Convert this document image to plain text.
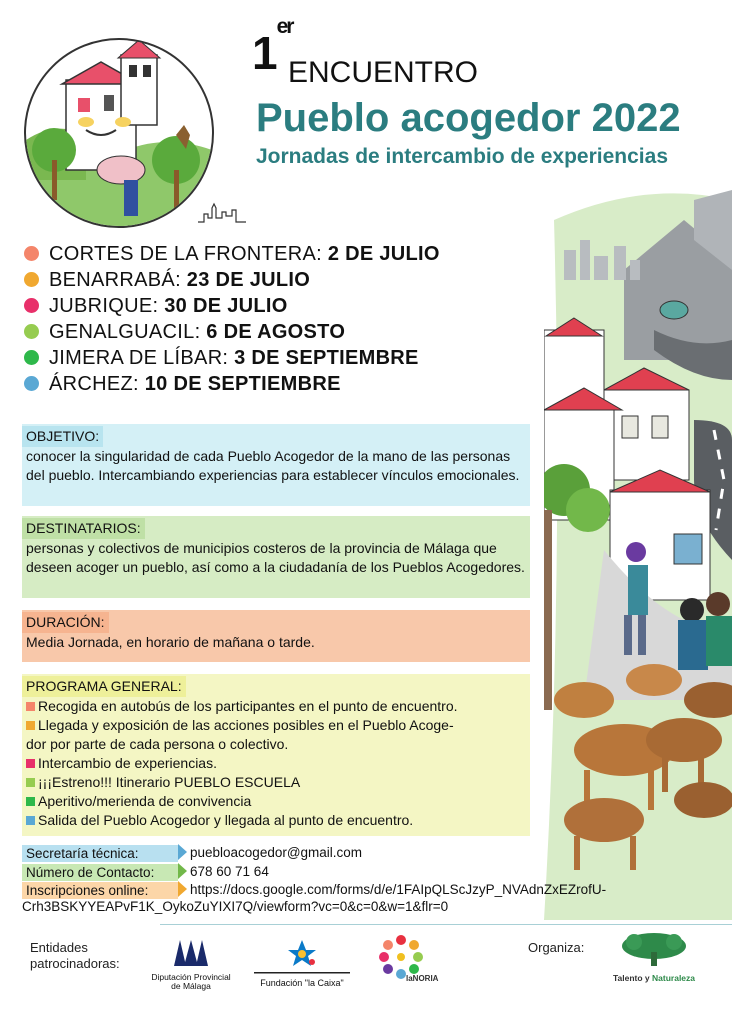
1er
ENCUENTRO
Pueblo acogedor 2022
Jornadas de intercambio de experiencias
CORTES DE LA FRONTERA: 2 DE JULIO
BENARRABÁ: 23 DE JULIO
JUBRIQUE: 30 DE JULIO
GENALGUACIL: 6 DE AGOSTO
JIMERA DE LÍBAR: 3 DE SEPTIEMBRE
ÁRCHEZ: 10 DE SEPTIEMBRE
OBJETIVO:

conocer la singularidad de cada Pueblo Acogedor de la mano de las personas del pueblo. Intercambiando experiencias para establecer vínculos emocionales.

DESTINATARIOS:

personas y colectivos de municipios costeros de la provincia de Málaga que deseen acoger un pueblo, así como a la ciudadanía de los Pueblos Acogedores.

DURACIÓN:

Media Jornada, en horario de mañana o tarde.

PROGRAMA GENERAL:

Recogida en autobús de los participantes en el punto de encuentro.

Llegada y exposición de las acciones posibles en el Pueblo Acoge-

dor por parte de cada persona o colectivo.

Intercambio de experiencias.

¡¡¡Estreno!!! Itinerario PUEBLO ESCUELA

Aperitivo/merienda de convivencia

Salida del Pueblo Acogedor y llegada al punto de encuentro.

Secretaría técnica:	puebloacogedor@gmail.com
Número de Contacto:	678 60 71 64
Inscripciones online:	https://docs.google.com/forms/d/e/1FAIpQLScJzyP_NVAdnZxEZrofU-
Crh3BSKYYEAPvF1K_OykoZuYIXI7Q/viewform?vc=0&c=0&w=1&flr=0
Entidades
patrocinadoras:
Diputación Provincial
de Málaga	Fundación "la Caixa"	laNORIA
Organiza:
Talento y Naturaleza
